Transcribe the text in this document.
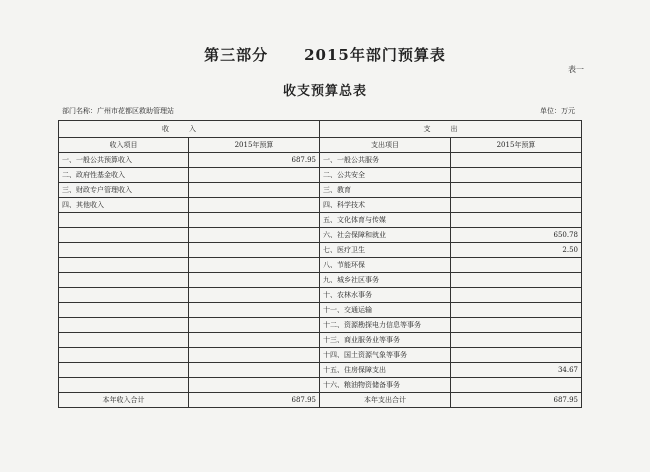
第三部分 2015年部门预算表
表一
收支预算总表
部门名称：广州市花都区救助管理站	单位：万元
收入		支出	
收入项目	2015年预算	支出项目	2015年预算
一、一般公共预算收入	687.95	一、一般公共服务	
二、政府性基金收入		二、公共安全	
三、财政专户管理收入		三、教育	
四、其他收入		四、科学技术	
		五、文化体育与传媒	
		六、社会保障和就业	650.78
		七、医疗卫生	2.50
		八、节能环保	
		九、城乡社区事务	
		十、农林水事务	
		十一、交通运输	
		十二、资源勘探电力信息等事务	
		十三、商业服务业等事务	
		十四、国土资源气象等事务	
		十五、住房保障支出	34.67
		十六、粮油物资储备事务	
本年收入合计	687.95	本年支出合计	687.95
